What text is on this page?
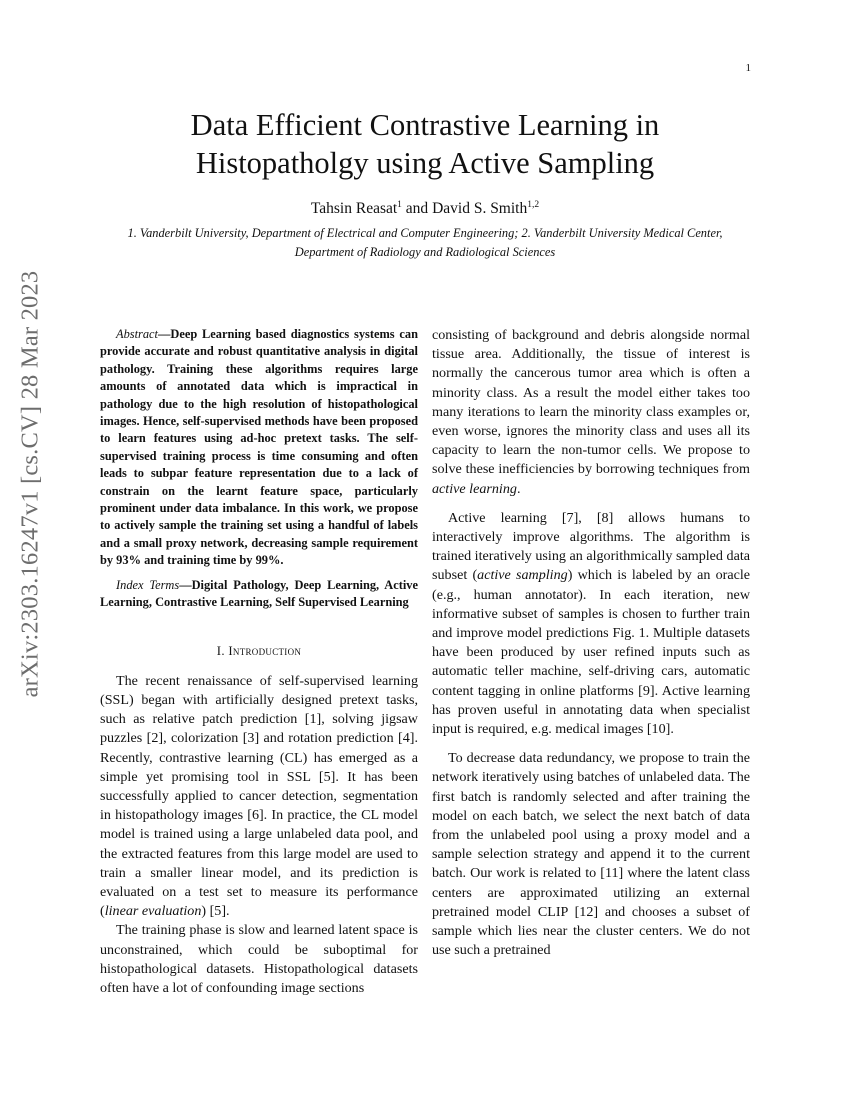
1
arXiv:2303.16247v1 [cs.CV] 28 Mar 2023
Data Efficient Contrastive Learning in
Histopatholgy using Active Sampling
Tahsin Reasat$^1$ and David S. Smith$^{1,2}$
1. Vanderbilt University, Department of Electrical and Computer Engineering; 2. Vanderbilt University Medical Center, Department of Radiology and Radiological Sciences

Abstract—Deep Learning based diagnostics systems can provide accurate and robust quantitative analysis in digital pathology. Training these algorithms requires large amounts of annotated data which is impractical in pathology due to the high resolution of histopathological images. Hence, self-supervised methods have been proposed to learn features using ad-hoc pretext tasks. The self-supervised training process is time consuming and often leads to subpar feature representation due to a lack of constrain on the learnt feature space, particularly prominent under data imbalance. In this work, we propose to actively sample the training set using a handful of labels and a small proxy network, decreasing sample requirement by 93% and training time by 99%.

Index Terms—Digital Pathology, Deep Learning, Active Learning, Contrastive Learning, Self Supervised Learning

I. Introduction

The recent renaissance of self-supervised learning (SSL) began with artificially designed pretext tasks, such as relative patch prediction [1], solving jigsaw puzzles [2], colorization [3] and rotation prediction [4]. Recently, contrastive learning (CL) has emerged as a simple yet promising tool in SSL [5]. It has been successfully applied to cancer detection, segmentation in histopathology images [6]. In practice, the CL model model is trained using a large unlabeled data pool, and the extracted features from this large model are used to train a smaller linear model, and its prediction is evaluated on a test set to measure its performance (linear evaluation) [5].

The training phase is slow and learned latent space is unconstrained, which could be suboptimal for histopathological datasets. Histopathological datasets often have a lot of confounding image sections

consisting of background and debris alongside normal tissue area. Additionally, the tissue of interest is normally the cancerous tumor area which is often a minority class. As a result the model either takes too many iterations to learn the minority class examples or, even worse, ignores the minority class and uses all its capacity to learn the non-tumor cells. We propose to solve these inefficiencies by borrowing techniques from active learning.

Active learning [7], [8] allows humans to interactively improve algorithms. The algorithm is trained iteratively using an algorithmically sampled data subset (active sampling) which is labeled by an oracle (e.g., human annotator). In each iteration, new informative subset of samples is chosen to further train and improve model predictions Fig. 1. Multiple datasets have been produced by user refined inputs such as automatic teller machine, self-driving cars, automatic content tagging in online platforms [9]. Active learning has proven useful in annotating data when specialist input is required, e.g. medical images [10].

To decrease data redundancy, we propose to train the network iteratively using batches of unlabeled data. The first batch is randomly selected and after training the model on each batch, we select the next batch of data from the unlabeled pool using a proxy model and a sample selection strategy and append it to the current batch. Our work is related to [11] where the latent class centers are approximated utilizing an external pretrained model CLIP [12] and chooses a subset of sample which lies near the cluster centers. We do not use such a pretrained
